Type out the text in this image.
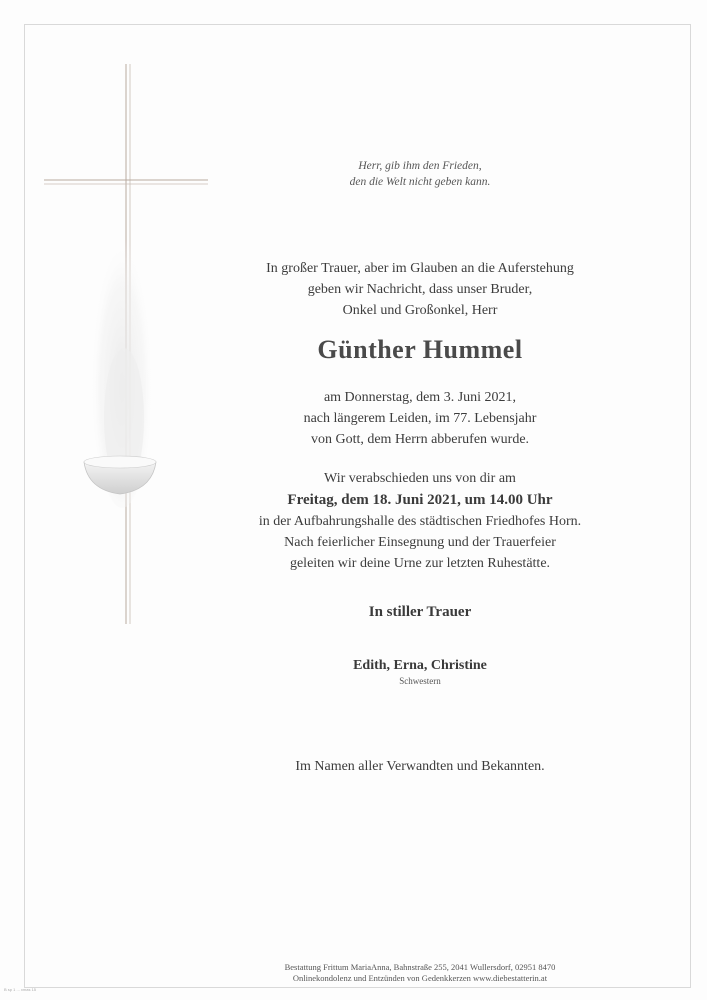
Herr, gib ihm den Frieden,
den die Welt nicht geben kann.
In großer Trauer, aber im Glauben an die Auferstehung
geben wir Nachricht, dass unser Bruder,
Onkel und Großonkel, Herr
Günther Hummel
am Donnerstag, dem 3. Juni 2021,
nach längerem Leiden, im 77. Lebensjahr
von Gott, dem Herrn abberufen wurde.
Wir verabschieden uns von dir am
Freitag, dem 18. Juni 2021, um 14.00 Uhr
in der Aufbahrungshalle des städtischen Friedhofes Horn.
Nach feierlicher Einsegnung und der Trauerfeier
geleiten wir deine Urne zur letzten Ruhestätte.
In stiller Trauer
Edith, Erna, Christine
Schwestern
Im Namen aller Verwandten und Bekannten.
Bestattung Frittum MariaAnna, Bahnstraße 255, 2041 Wullersdorf, 02951 8470
Onlinekondolenz und Entzünden von Gedenkkerzen www.diebestatterin.at
B sp 1 ... xmas 15
